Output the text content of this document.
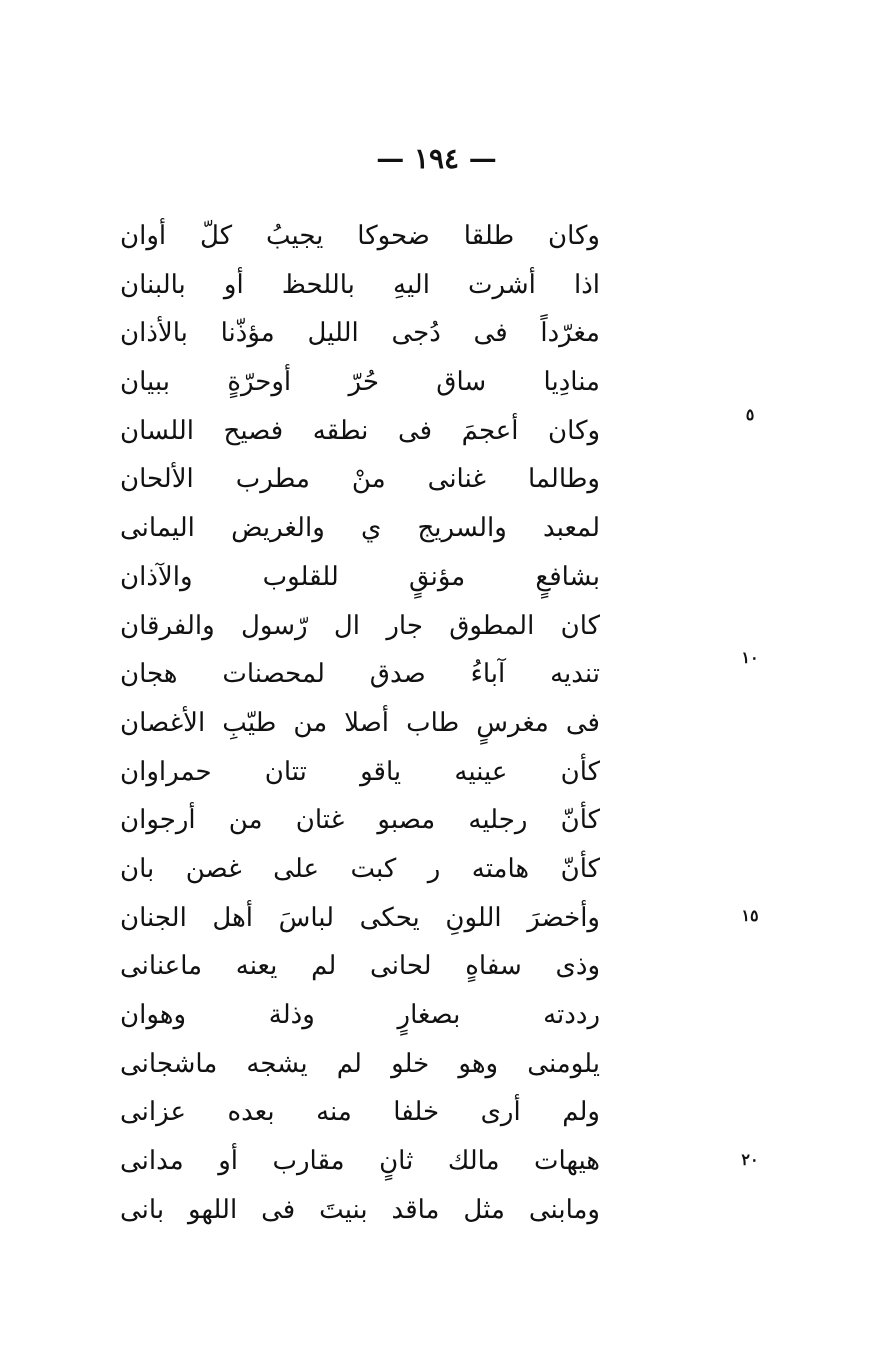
— ١٩٤ —
وكان طلقا ضحوكا يجيبُ كلّ أوان
اذا أشرت اليهِ باللحظ أو بالبنان
مغرّداً فى دُجى الليل مؤذّنا بالأذان
منادِيا ساق حُرّ أوحرّةٍ ببيان
وكان أعجمَ فى نطقه فصيح اللسان
وطالما غنانى منْ مطرب الألحان
لمعبد والسريج ي والغريض اليمانى
بشافعٍ مؤنقٍ للقلوب والآذان
كان المطوق جار ال رّسول والفرقان
تنديه آباءُ صدق لمحصنات هجان
فى مغرسٍ طاب أصلا من طيّبِ الأغصان
كأن عينيه ياقو تتان حمراوان
كأنّ رجليه مصبو غتان من أرجوان
كأنّ هامته ر كبت على غصن بان
وأخضرَ اللونِ يحكى لباسَ أهل الجنان
وذى سفاهٍ لحانى لم يعنه ماعنانى
رددته بصغارٍ وذلة وهوان
يلومنى وهو خلو لم يشجه ماشجانى
ولم أرى خلفا منه بعده عزانى
هيهات مالك ثانٍ مقارب أو مدانى
ومابنى مثل ماقد بنيتَ فى اللهو بانى
٥
١٠
١٥
٢٠
